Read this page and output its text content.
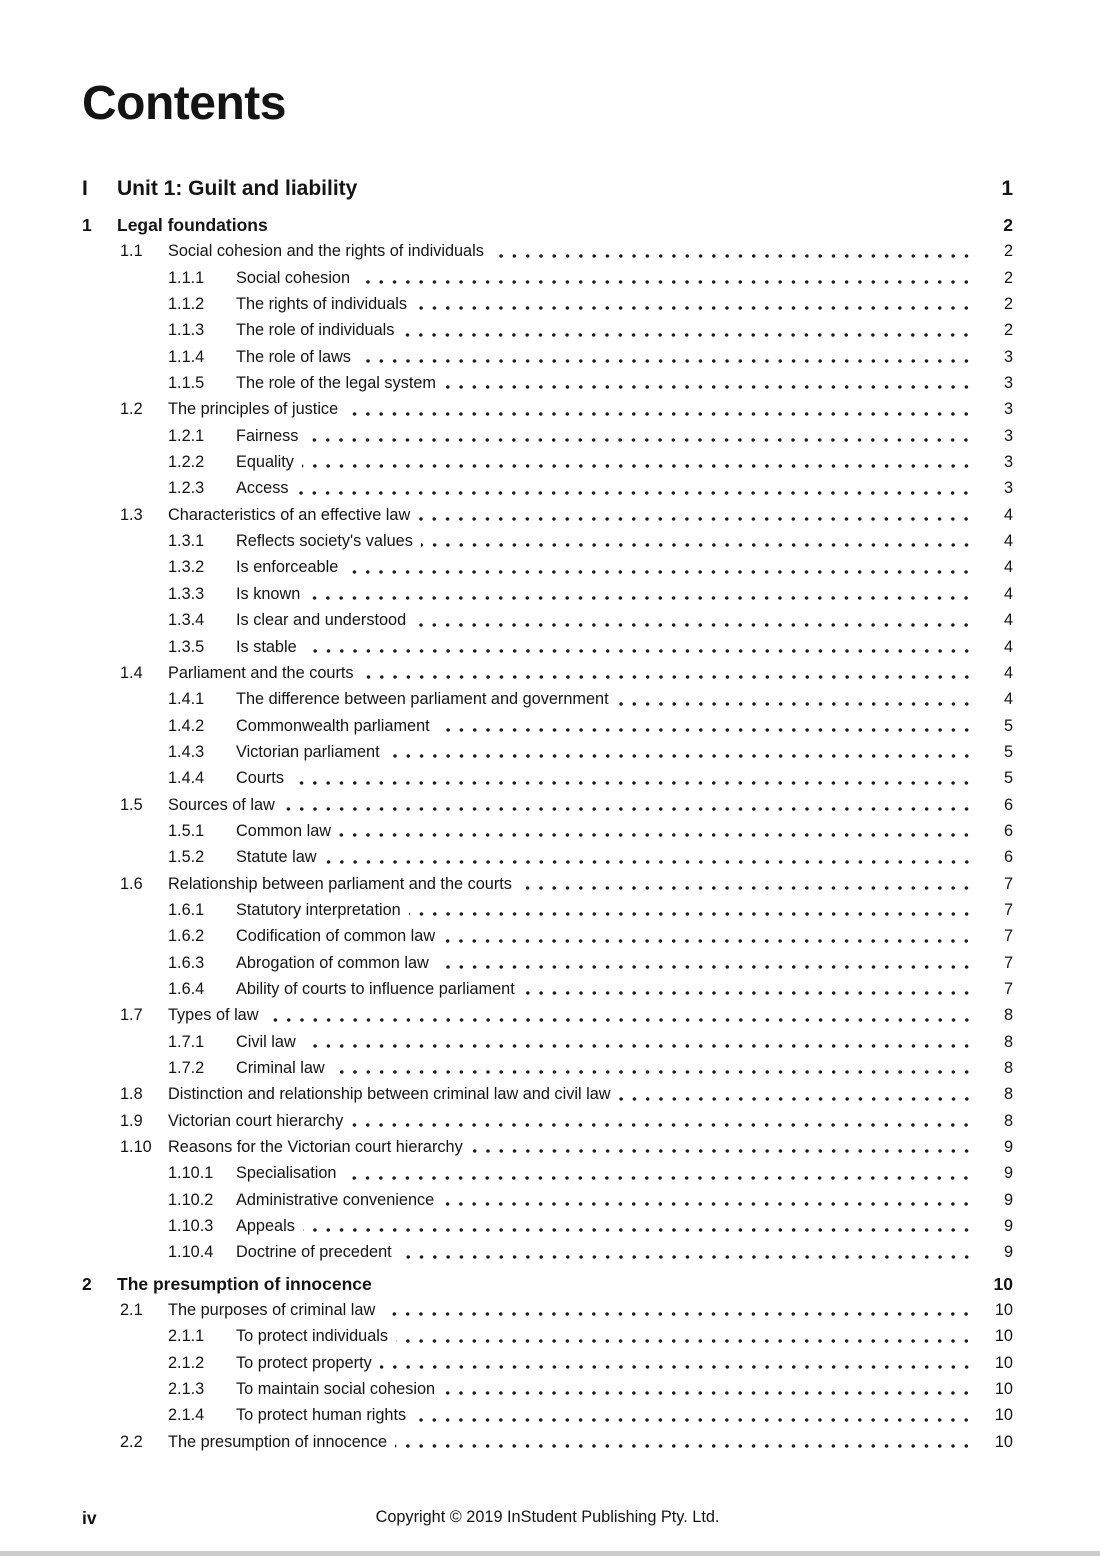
Contents
I	Unit 1: Guilt and liability	1
1	Legal foundations	2
1.1	Social cohesion and the rights of individuals	2
1.1.1	Social cohesion	2
1.1.2	The rights of individuals	2
1.1.3	The role of individuals	2
1.1.4	The role of laws	3
1.1.5	The role of the legal system	3
1.2	The principles of justice	3
1.2.1	Fairness	3
1.2.2	Equality	3
1.2.3	Access	3
1.3	Characteristics of an effective law	4
1.3.1	Reflects society's values	4
1.3.2	Is enforceable	4
1.3.3	Is known	4
1.3.4	Is clear and understood	4
1.3.5	Is stable	4
1.4	Parliament and the courts	4
1.4.1	The difference between parliament and government	4
1.4.2	Commonwealth parliament	5
1.4.3	Victorian parliament	5
1.4.4	Courts	5
1.5	Sources of law	6
1.5.1	Common law	6
1.5.2	Statute law	6
1.6	Relationship between parliament and the courts	7
1.6.1	Statutory interpretation	7
1.6.2	Codification of common law	7
1.6.3	Abrogation of common law	7
1.6.4	Ability of courts to influence parliament	7
1.7	Types of law	8
1.7.1	Civil law	8
1.7.2	Criminal law	8
1.8	Distinction and relationship between criminal law and civil law	8
1.9	Victorian court hierarchy	8
1.10 Reasons for the Victorian court hierarchy	9
1.10.1	Specialisation	9
1.10.2	Administrative convenience	9
1.10.3	Appeals	9
1.10.4	Doctrine of precedent	9
2	The presumption of innocence	10
2.1	The purposes of criminal law	10
2.1.1	To protect individuals	10
2.1.2	To protect property	10
2.1.3	To maintain social cohesion	10
2.1.4	To protect human rights	10
2.2	The presumption of innocence	10
iv	Copyright © 2019 InStudent Publishing Pty. Ltd.
